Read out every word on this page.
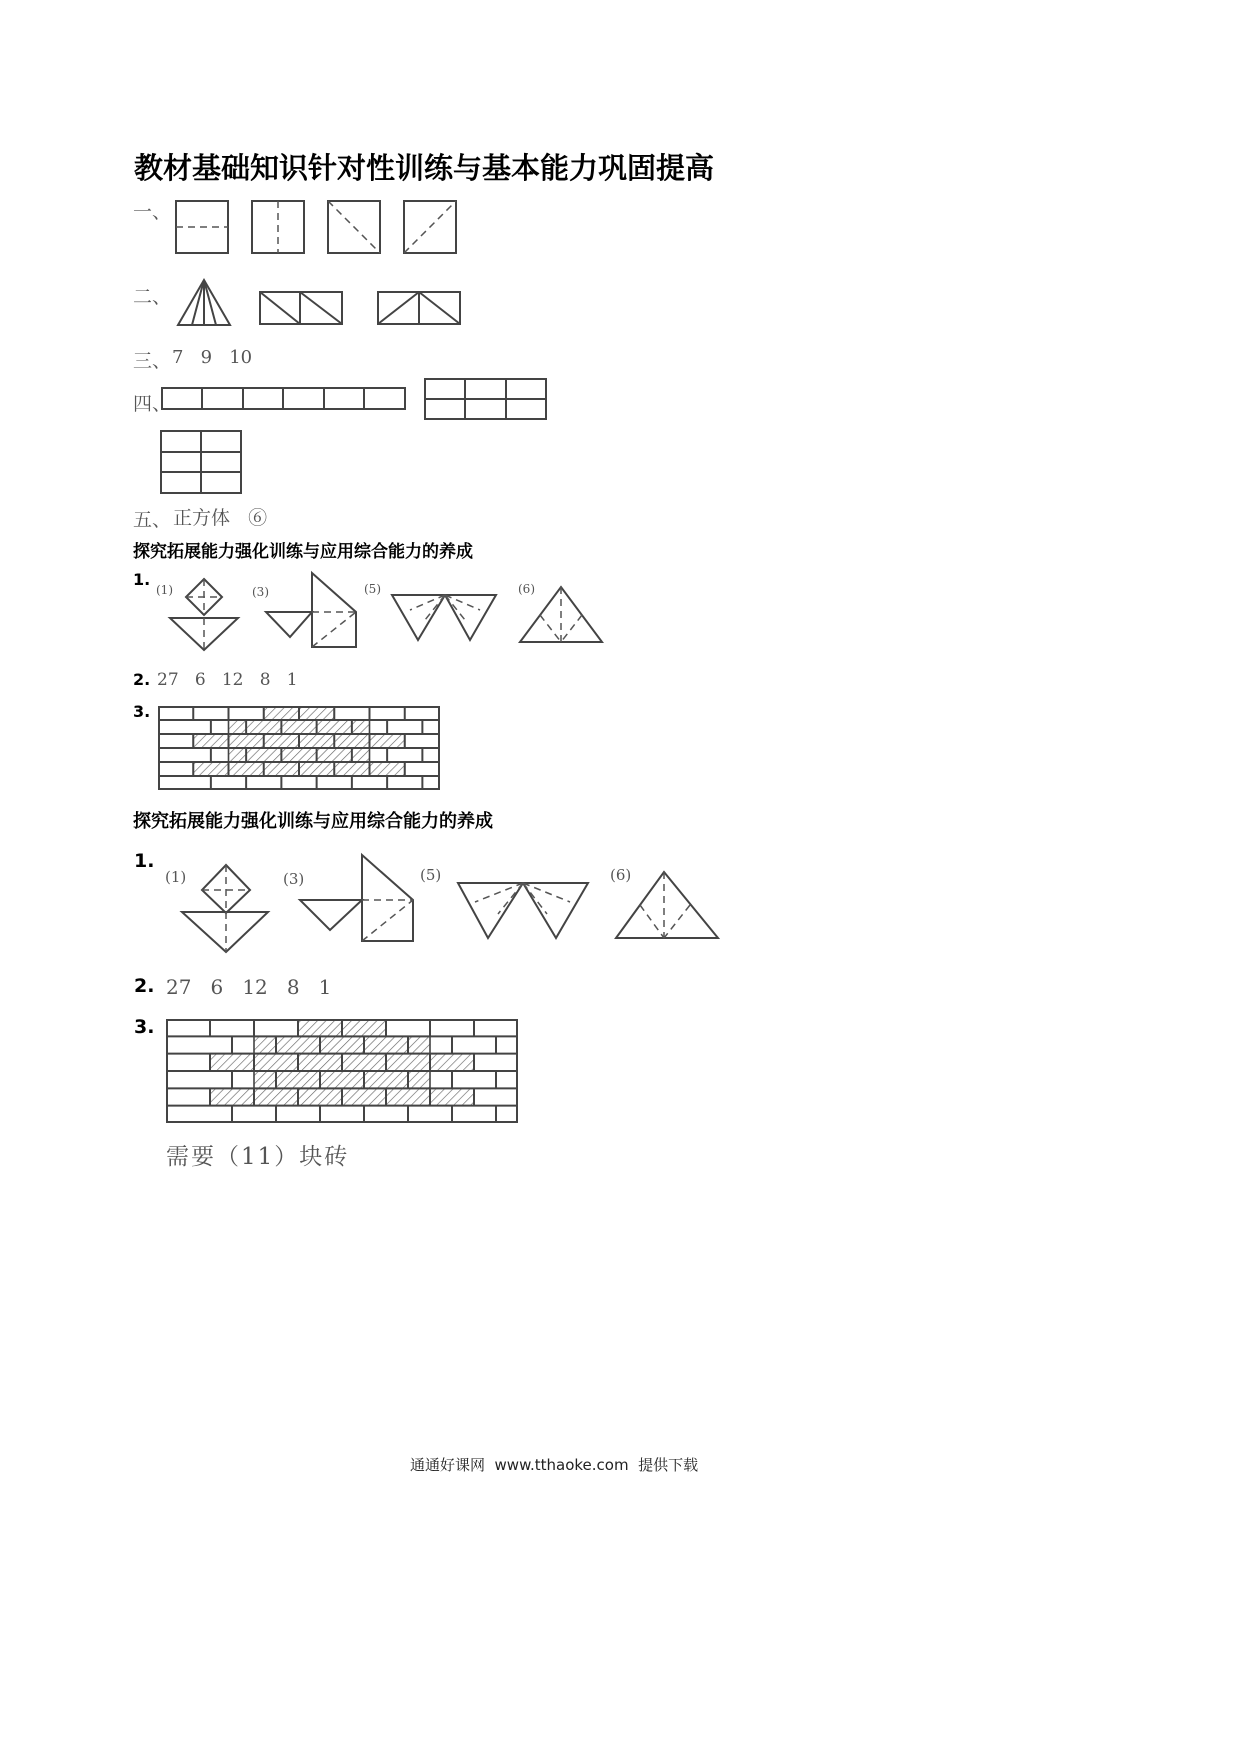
教材基础知识针对性训练与基本能力巩固提高
一、
二、
三、 7   9   10
四、
五、 正方体   ⑥
探究拓展能力强化训练与应用综合能力的养成
1.
(1)	(3)	(5)	(6)
2. 27   6   12   8   1
3.
探究拓展能力强化训练与应用综合能力的养成
1.
(1)	(3)	(5)	(6)
2. 27   6   12   8   1
3.
需要（11）块砖
通通好课网  www.tthaoke.com  提供下载
